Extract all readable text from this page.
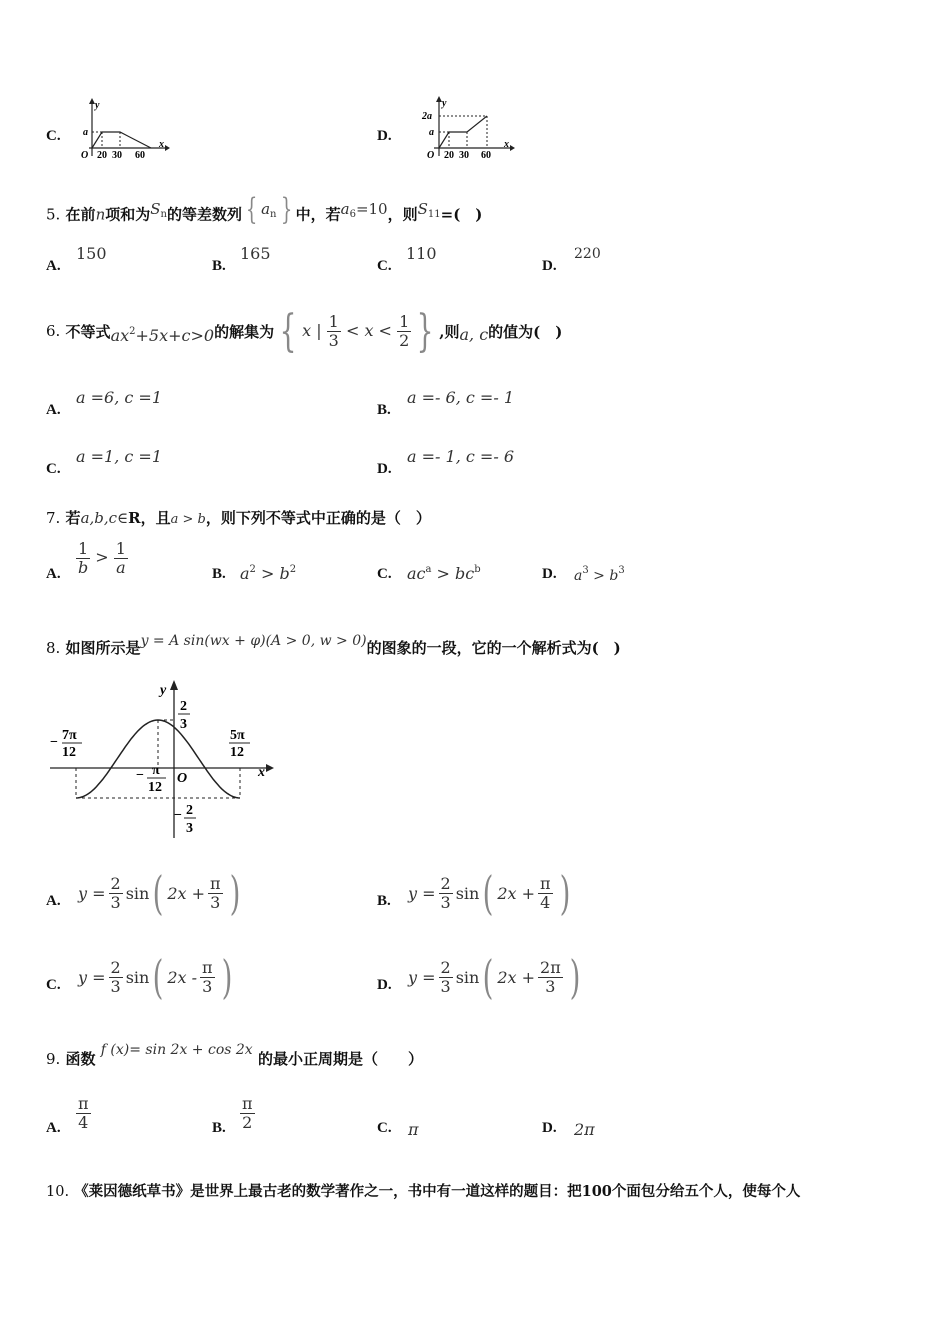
C.
y
a
O 20 30 60
x
D.
y
2a
a
O 20 30 60
x
5. 在前n项和为$S_n$的等差数列 { $a_n$ } 中，若$a_6=10$，则$S_{11}=$(　)
A.
150
B.
165
C.
110
D.
220
6.
不等式 $ax^2+5x+c>0$ 的解集为 { x | $\frac{1}{3} < x < \frac{1}{2}$ } ,则 a, c 的值为(　)
A.
a =6, c =1
B.
a =- 6, c =- 1
C.
a =1, c =1
D.
a =- 1, c =- 6
7. 若a,b,c∈R，且a > b，则下列不等式中正确的是（　）
A. $\frac{1}{b} > \frac{1}{a}$	B. $a^2 > b^2$	C. $ac^a > bc^b$	D. $a^3 > b^3$
8. 如图所示是y = A sin(wx + φ)(A > 0, w > 0)的图象的一段，它的一个解析式为(　)
y
x
O
2
3
− 2
3
− 7π
12
5π
12
− π
12
A. $y = \frac{2}{3}$ sin ( $2x + \frac{\pi}{3}$ )	B. $y = \frac{2}{3}$ sin ( $2x + \frac{\pi}{4}$ )
C. $y = \frac{2}{3}$ sin ( $2x - \frac{\pi}{3}$ )	D. $y = \frac{2}{3}$ sin ( $2x + \frac{2\pi}{3}$ )
9. 函数 f (x)= sin 2x + cos 2x 的最小正周期是（　　）
A. $\frac{\pi}{4}$	B. $\frac{\pi}{2}$	C. π	D. 2π
10. 《莱因德纸草书》是世界上最古老的数学著作之一，书中有一道这样的题目：把100个面包分给五个人，使每个人
